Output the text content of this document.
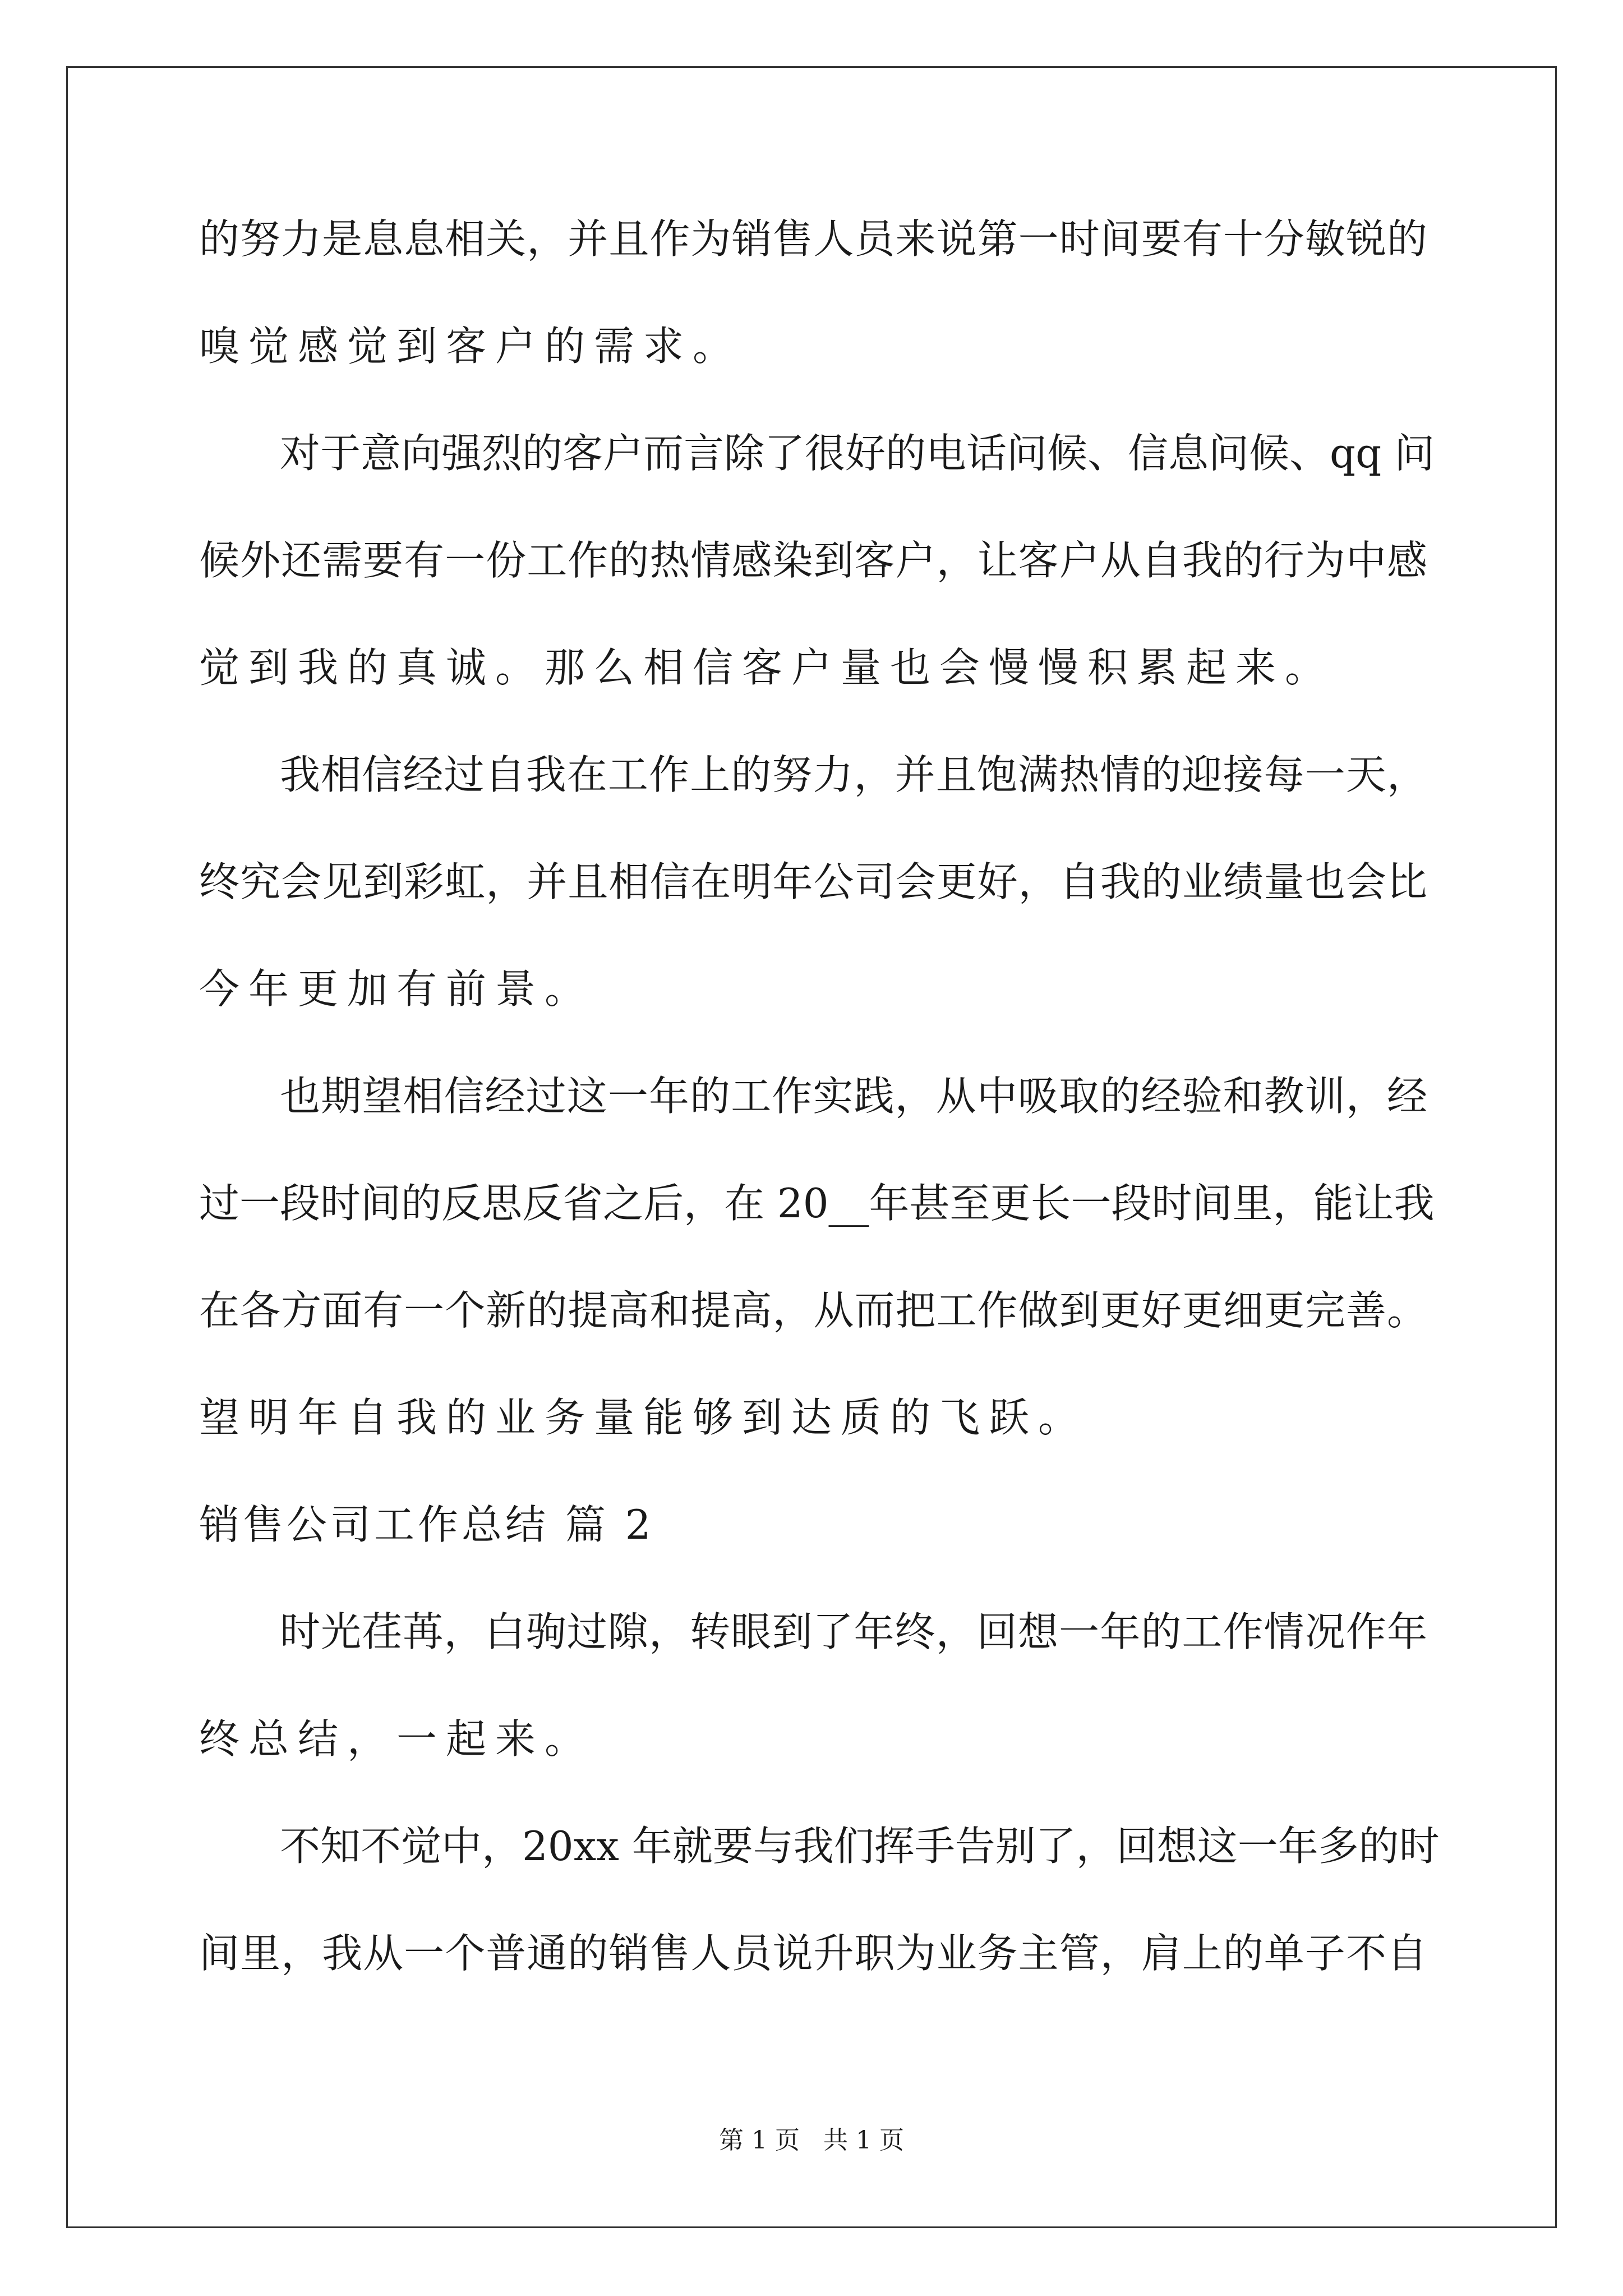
的努力是息息相关，并且作为销售人员来说第一时间要有十分敏锐的
嗅觉感觉到客户的需求。
对于意向强烈的客户而言除了很好的电话问候、信息问候、qq 问
候外还需要有一份工作的热情感染到客户，让客户从自我的行为中感
觉到我的真诚。那么相信客户量也会慢慢积累起来。
我相信经过自我在工作上的努力，并且饱满热情的迎接每一天，
终究会见到彩虹，并且相信在明年公司会更好，自我的业绩量也会比
今年更加有前景。
也期望相信经过这一年的工作实践，从中吸取的经验和教训，经
过一段时间的反思反省之后，在 20__年甚至更长一段时间里，能让我
在各方面有一个新的提高和提高，从而把工作做到更好更细更完善。
望明年自我的业务量能够到达质的飞跃。
销售公司工作总结 篇 2
时光荏苒，白驹过隙，转眼到了年终，回想一年的工作情况作年
终总结，一起来。
不知不觉中，20xx 年就要与我们挥手告别了，回想这一年多的时
间里，我从一个普通的销售人员说升职为业务主管，肩上的单子不自
第 1 页   共 1 页
